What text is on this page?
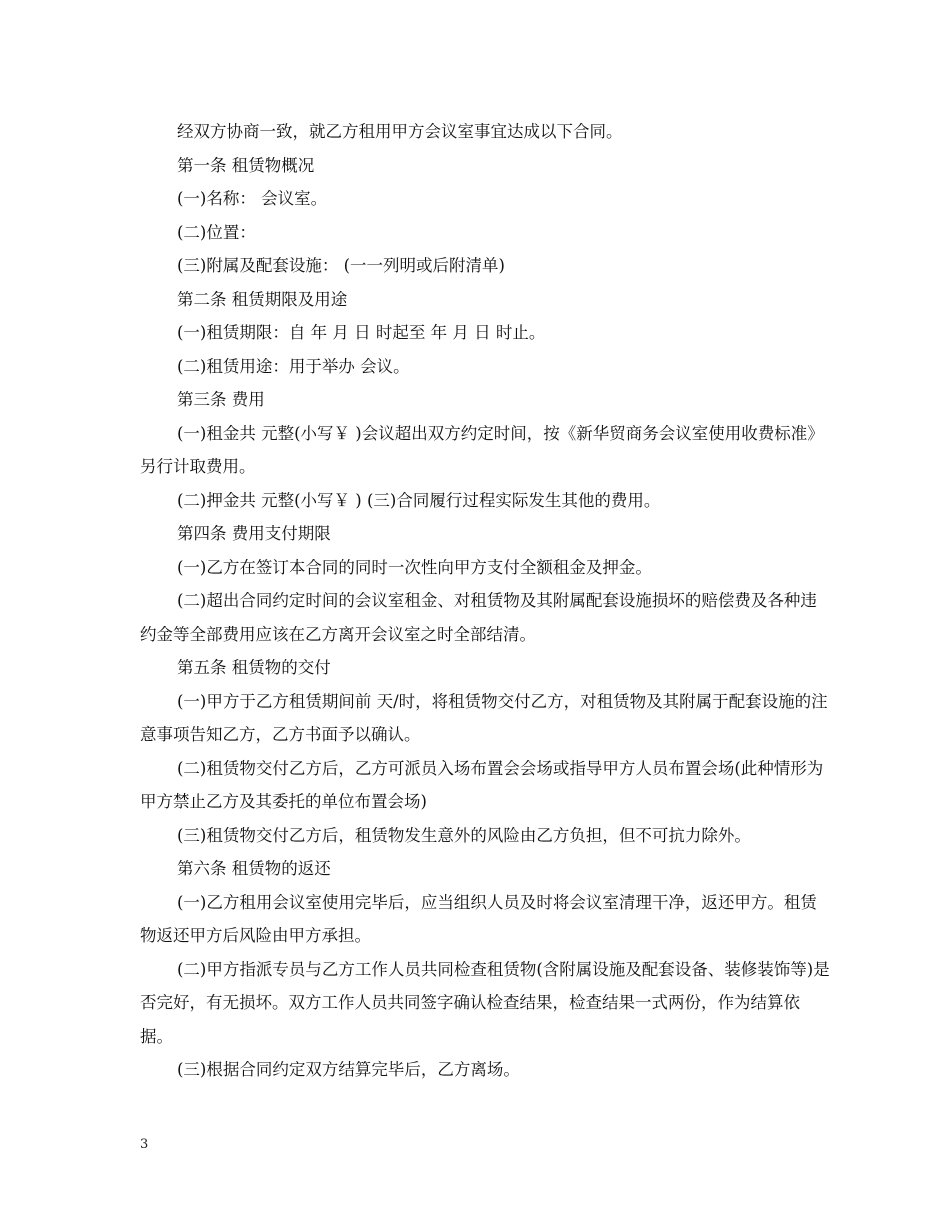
经双方协商一致，就乙方租用甲方会议室事宜达成以下合同。

第一条 租赁物概况

(一)名称： 会议室。

(二)位置：

(三)附属及配套设施： (一一列明或后附清单)

第二条 租赁期限及用途

(一)租赁期限：自 年 月 日 时起至 年 月 日 时止。

(二)租赁用途：用于举办 会议。

第三条 费用

(一)租金共 元整(小写￥ )会议超出双方约定时间，按《新华贸商务会议室使用收费标准》另行计取费用。

(二)押金共 元整(小写￥ ) (三)合同履行过程实际发生其他的费用。

第四条 费用支付期限

(一)乙方在签订本合同的同时一次性向甲方支付全额租金及押金。

(二)超出合同约定时间的会议室租金、对租赁物及其附属配套设施损坏的赔偿费及各种违约金等全部费用应该在乙方离开会议室之时全部结清。

第五条 租赁物的交付

(一)甲方于乙方租赁期间前 天/时，将租赁物交付乙方，对租赁物及其附属于配套设施的注意事项告知乙方，乙方书面予以确认。

(二)租赁物交付乙方后，乙方可派员入场布置会会场或指导甲方人员布置会场(此种情形为甲方禁止乙方及其委托的单位布置会场)

(三)租赁物交付乙方后，租赁物发生意外的风险由乙方负担，但不可抗力除外。

第六条 租赁物的返还

(一)乙方租用会议室使用完毕后，应当组织人员及时将会议室清理干净，返还甲方。租赁物返还甲方后风险由甲方承担。

(二)甲方指派专员与乙方工作人员共同检查租赁物(含附属设施及配套设备、装修装饰等)是否完好，有无损坏。双方工作人员共同签字确认检查结果，检查结果一式两份，作为结算依据。

(三)根据合同约定双方结算完毕后，乙方离场。

3
